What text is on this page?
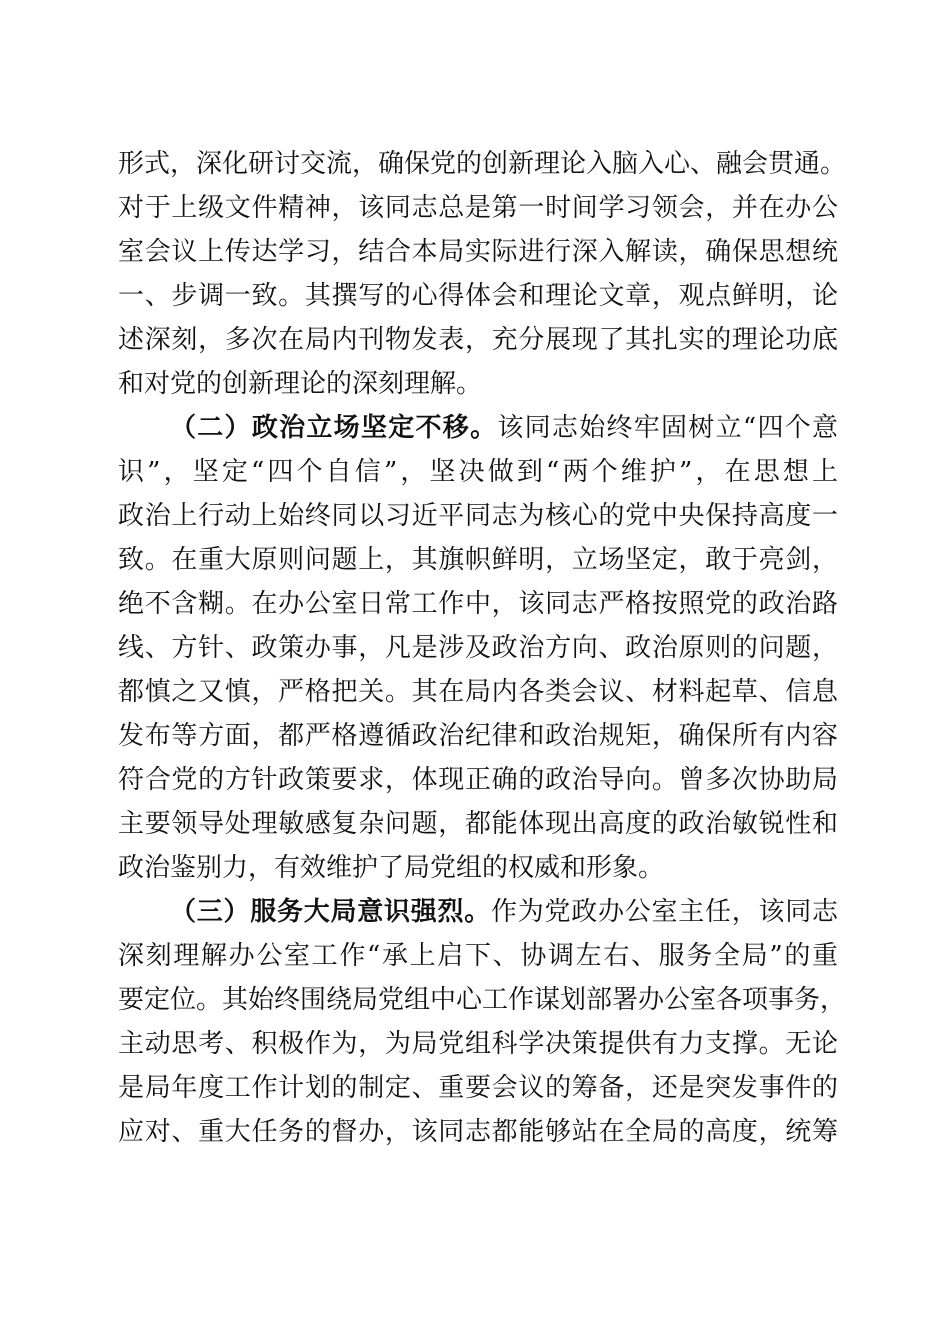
形式，深化研讨交流，确保党的创新理论入脑入心、融会贯通。
对于上级文件精神，该同志总是第一时间学习领会，并在办公
室会议上传达学习，结合本局实际进行深入解读，确保思想统
一、步调一致。其撰写的心得体会和理论文章，观点鲜明，论
述深刻，多次在局内刊物发表，充分展现了其扎实的理论功底
和对党的创新理论的深刻理解。
（二）政治立场坚定不移。该同志始终牢固树立“四个意
识”，坚定“四个自信”，坚决做到“两个维护”，在思想上
政治上行动上始终同以习近平同志为核心的党中央保持高度一
致。在重大原则问题上，其旗帜鲜明，立场坚定，敢于亮剑，
绝不含糊。在办公室日常工作中，该同志严格按照党的政治路
线、方针、政策办事，凡是涉及政治方向、政治原则的问题，
都慎之又慎，严格把关。其在局内各类会议、材料起草、信息
发布等方面，都严格遵循政治纪律和政治规矩，确保所有内容
符合党的方针政策要求，体现正确的政治导向。曾多次协助局
主要领导处理敏感复杂问题，都能体现出高度的政治敏锐性和
政治鉴别力，有效维护了局党组的权威和形象。
（三）服务大局意识强烈。作为党政办公室主任，该同志
深刻理解办公室工作“承上启下、协调左右、服务全局”的重
要定位。其始终围绕局党组中心工作谋划部署办公室各项事务，
主动思考、积极作为，为局党组科学决策提供有力支撑。无论
是局年度工作计划的制定、重要会议的筹备，还是突发事件的
应对、重大任务的督办，该同志都能够站在全局的高度，统筹
